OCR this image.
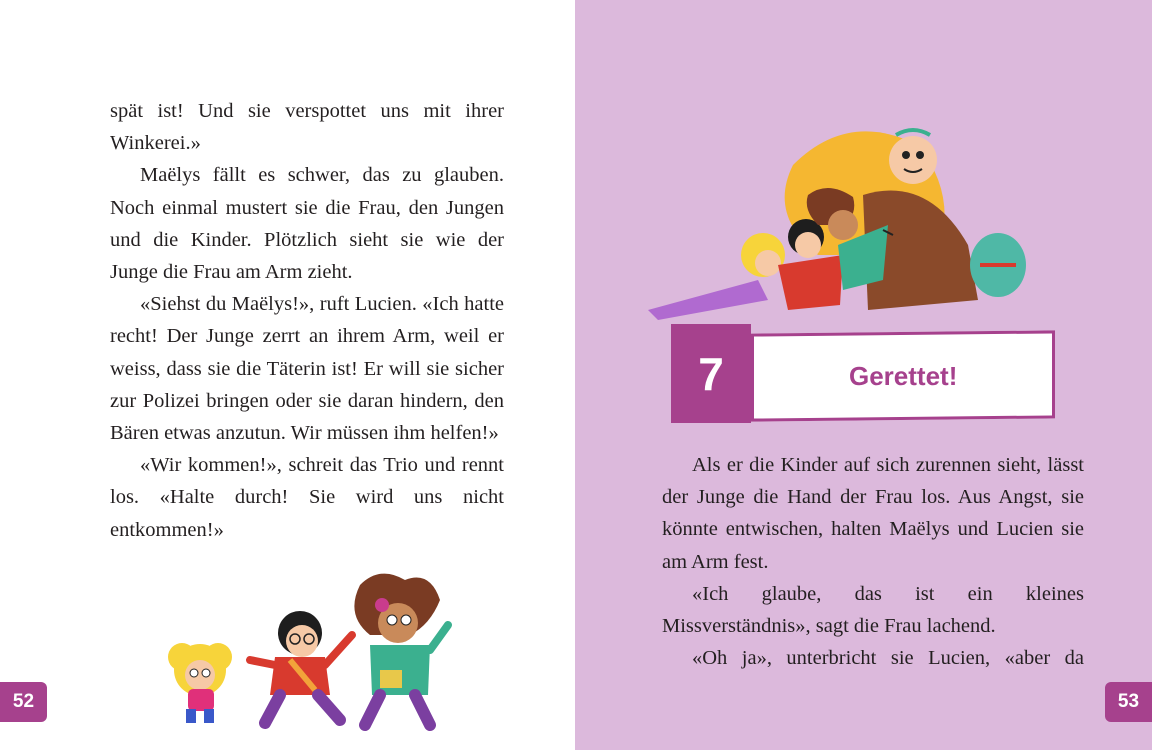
spät ist! Und sie verspottet uns mit ihrer Winkerei.»

Maëlys fällt es schwer, das zu glauben. Noch einmal mustert sie die Frau, den Jungen und die Kinder. Plötzlich sieht sie wie der Junge die Frau am Arm zieht.

«Siehst du Maëlys!», ruft Lucien. «Ich hatte recht! Der Junge zerrt an ihrem Arm, weil er weiss, dass sie die Täterin ist! Er will sie sicher zur Polizei bringen oder sie daran hindern, den Bären etwas anzutun. Wir müssen ihm helfen!»

«Wir kommen!», schreit das Trio und rennt los. «Halte durch! Sie wird uns nicht entkommen!»

52
7	Gerettet!

Als er die Kinder auf sich zurennen sieht, lässt der Junge die Hand der Frau los. Aus Angst, sie könnte entwischen, halten Maëlys und Lucien sie am Arm fest.

«Ich glaube, das ist ein kleines Missverständnis», sagt die Frau lachend.

«Oh ja», unterbricht sie Lucien, «aber da

53
